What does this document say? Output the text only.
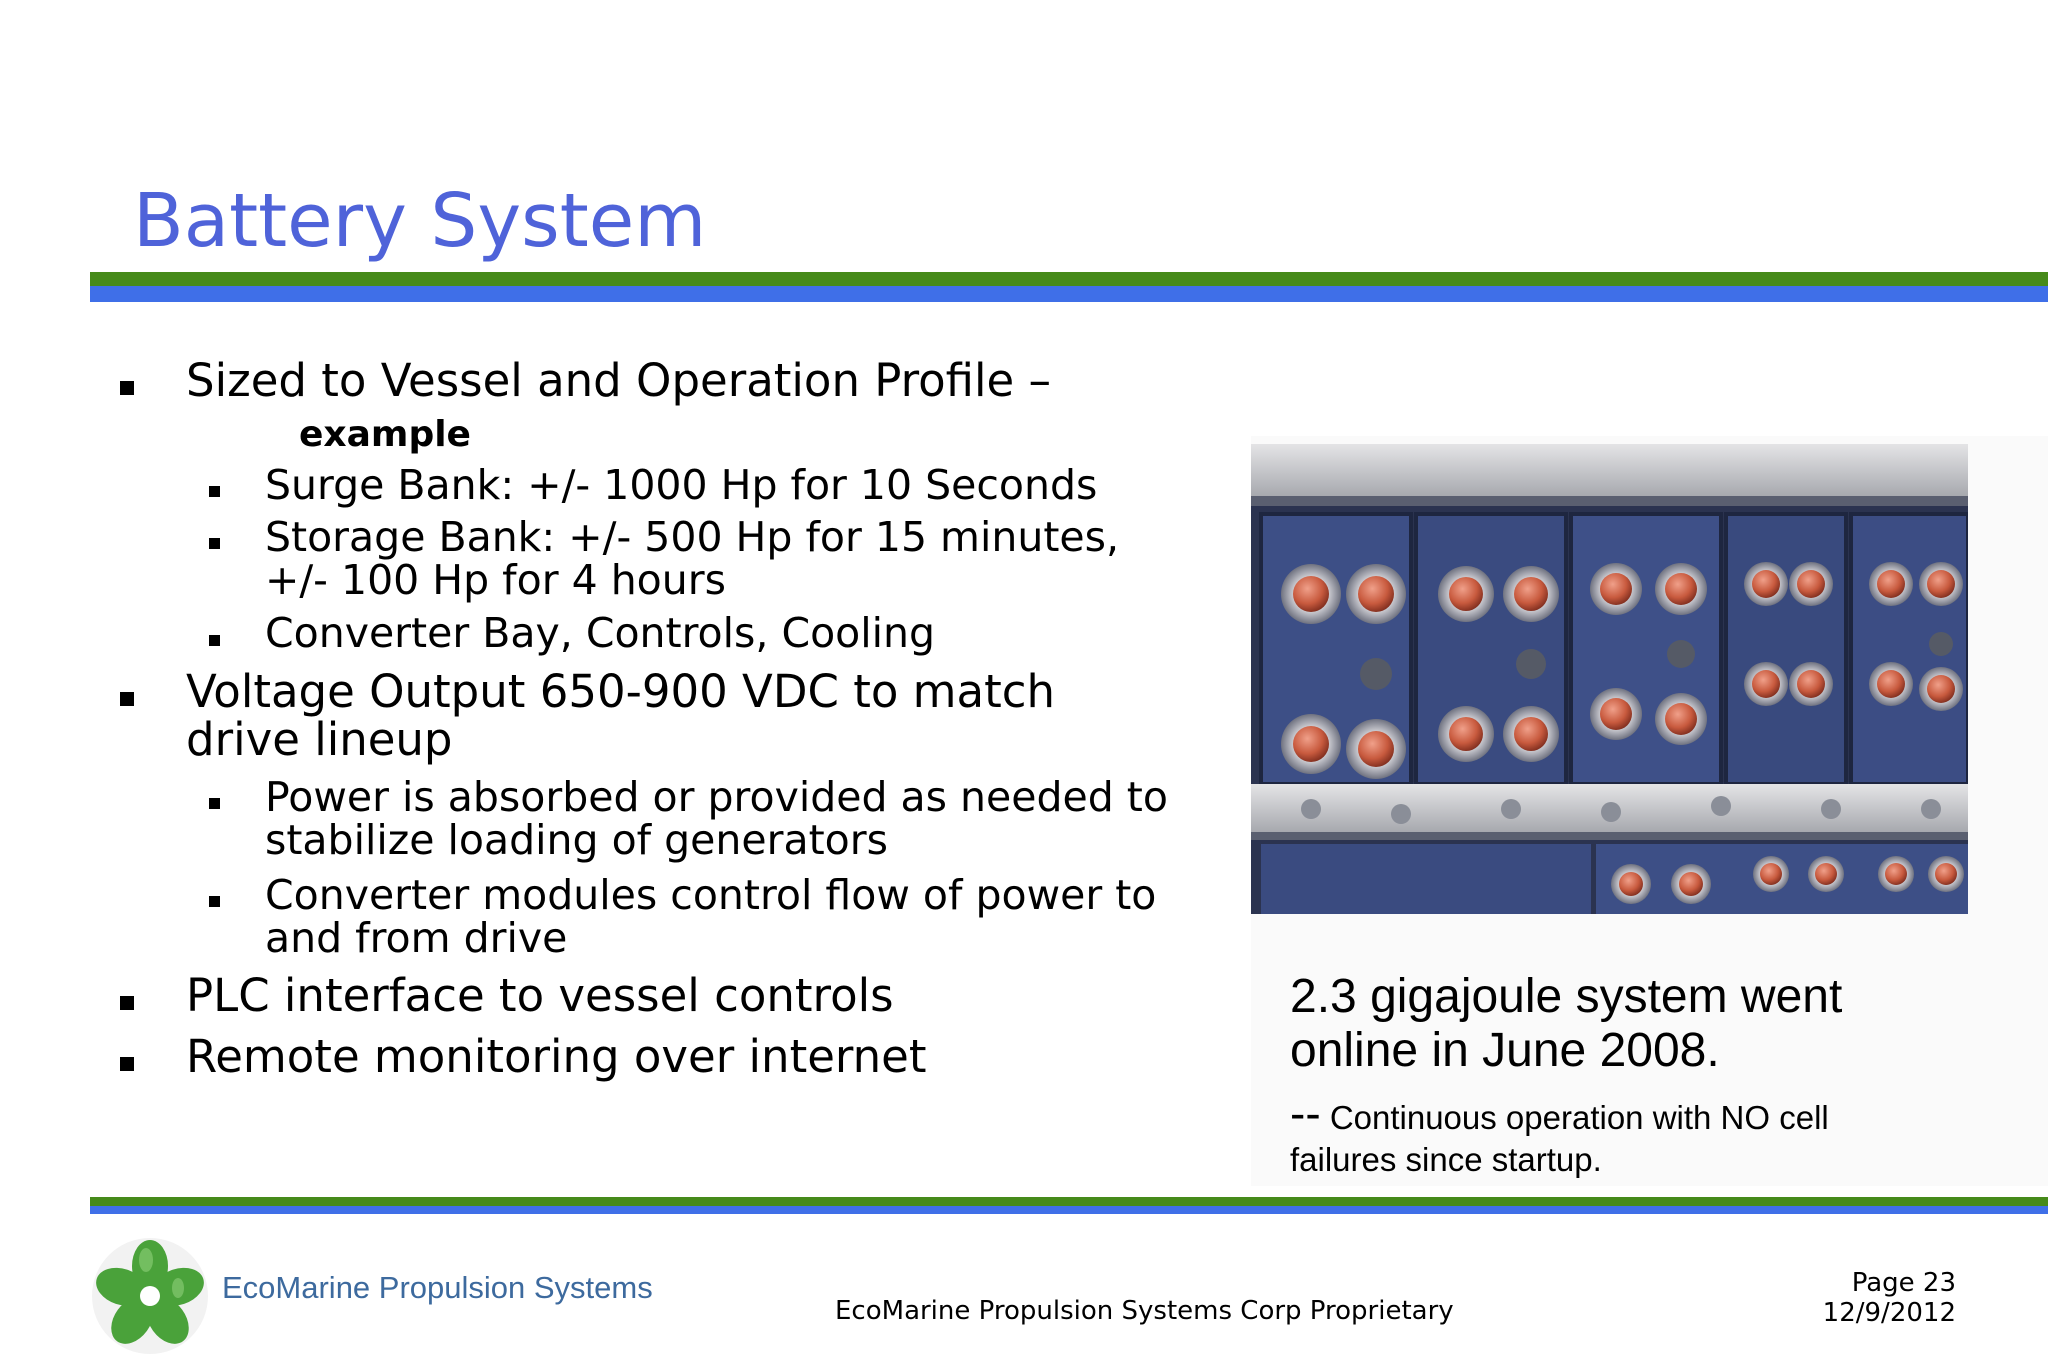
Battery System
Sized to Vessel and Operation Profile –
example
Surge Bank: +/- 1000 Hp for 10 Seconds
Storage Bank: +/- 500 Hp for 15 minutes,
+/- 100 Hp for 4 hours
Converter Bay, Controls, Cooling
Voltage Output 650-900 VDC to match
drive lineup
Power is absorbed or provided as needed to
stabilize loading of generators
Converter modules control flow of power to
and from drive
PLC interface to vessel controls
Remote monitoring over internet
2.3 gigajoule system went
online in June 2008.
-- Continuous operation with NO cell
failures since startup.
EcoMarine Propulsion Systems
EcoMarine Propulsion Systems Corp Proprietary
Page 23
12/9/2012
